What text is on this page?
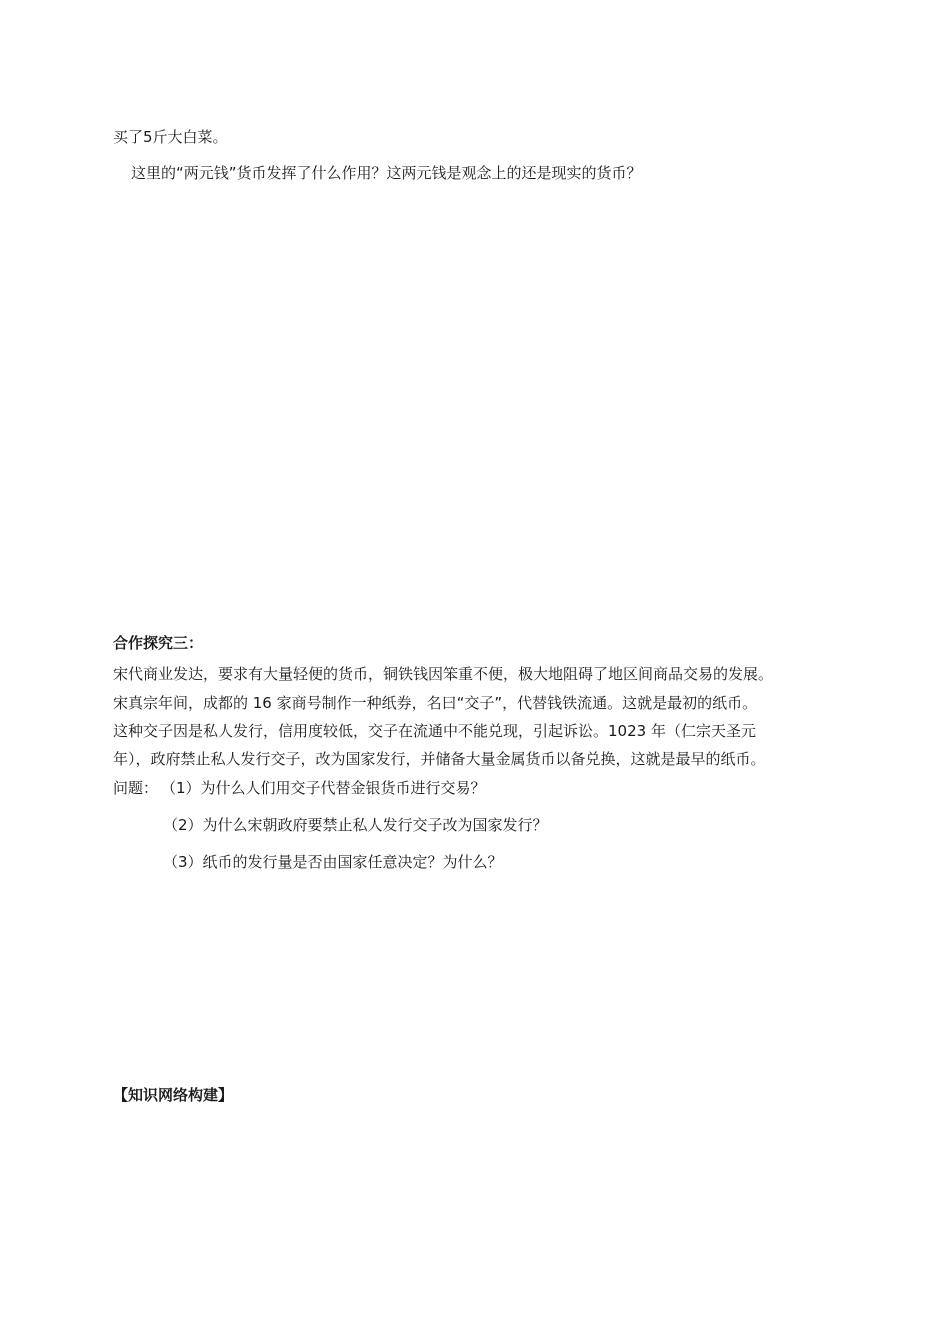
买了5斤大白菜。
这里的“两元钱”货币发挥了什么作用？这两元钱是观念上的还是现实的货币？
合作探究三：
宋代商业发达，要求有大量轻便的货币，铜铁钱因笨重不便，极大地阻碍了地区间商品交易的发展。
宋真宗年间，成都的 16 家商号制作一种纸券，名曰“交子”，代替钱铁流通。这就是最初的纸币。
这种交子因是私人发行，信用度较低，交子在流通中不能兑现，引起诉讼。1023 年（仁宗天圣元
年），政府禁止私人发行交子，改为国家发行，并储备大量金属货币以备兑换，这就是最早的纸币。
问题： （1）为什么人们用交子代替金银货币进行交易？
（2）为什么宋朝政府要禁止私人发行交子改为国家发行？
（3）纸币的发行量是否由国家任意决定？为什么？
【知识网络构建】
